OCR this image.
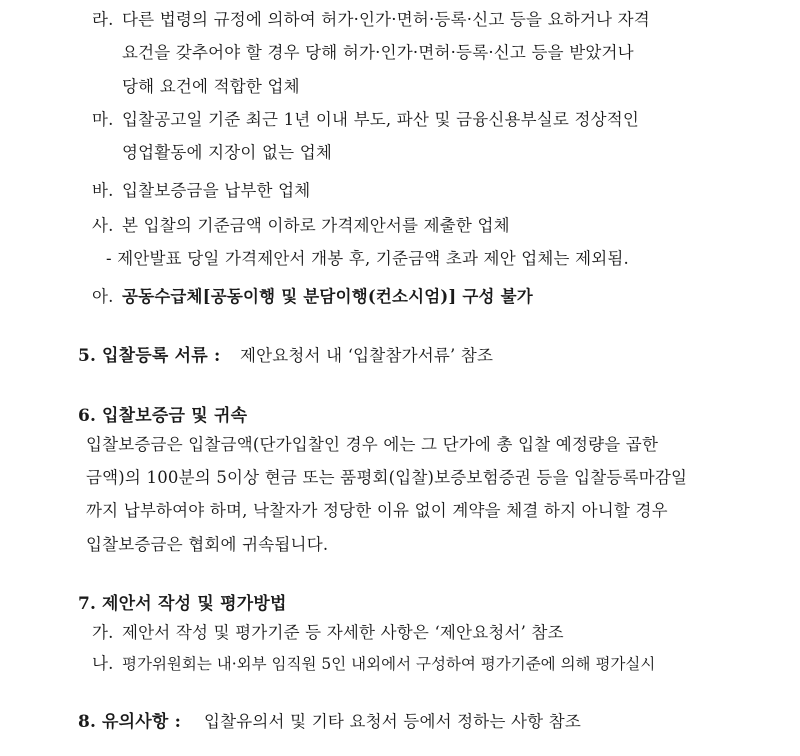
라. 다른 법령의 규정에 의하여 허가·인가·면허·등록·신고 등을 요하거나 자격
요건을 갖추어야 할 경우 당해 허가·인가·면허·등록·신고 등을 받았거나
당해 요건에 적합한 업체
마. 입찰공고일 기준 최근 1년 이내 부도, 파산 및 금융신용부실로 정상적인
영업활동에 지장이 없는 업체
바. 입찰보증금을 납부한 업체
사. 본 입찰의 기준금액 이하로 가격제안서를 제출한 업체
- 제안발표 당일 가격제안서 개봉 후, 기준금액 초과 제안 업체는 제외됨.
아. 공동수급체[공동이행 및 분담이행(컨소시엄)] 구성 불가
5. 입찰등록 서류 : 제안요청서 내 ‘입찰참가서류’ 참조
6. 입찰보증금 및 귀속
입찰보증금은 입찰금액(단가입찰인 경우 에는 그 단가에 총 입찰 예정량을 곱한
금액)의 100분의 5이상 현금 또는 품평회(입찰)보증보험증권 등을 입찰등록마감일
까지 납부하여야 하며, 낙찰자가 정당한 이유 없이 계약을 체결 하지 아니할 경우
입찰보증금은 협회에 귀속됩니다.
7. 제안서 작성 및 평가방법
가. 제안서 작성 및 평가기준 등 자세한 사항은 ‘제안요청서’ 참조
나. 평가위원회는 내·외부 임직원 5인 내외에서 구성하여 평가기준에 의해 평가실시
8. 유의사항 : 입찰유의서 및 기타 요청서 등에서 정하는 사항 참조
